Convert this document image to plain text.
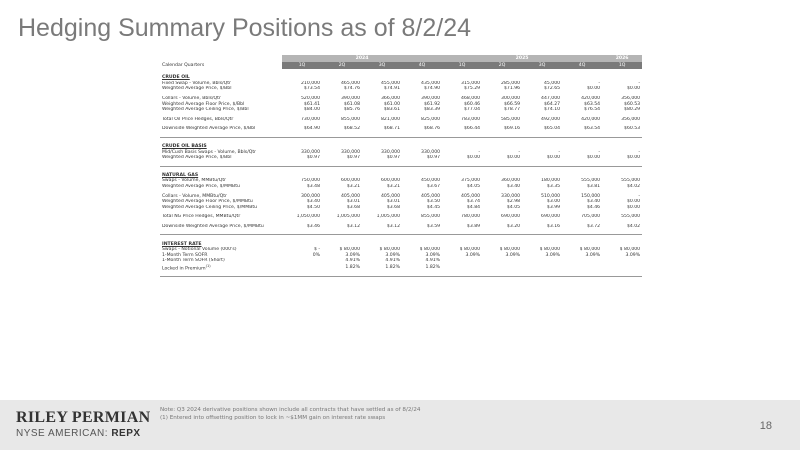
Hedging Summary Positions as of 8/2/24
	2024				2025				2026
Calendar Quarters	1Q	2Q	3Q	4Q	1Q	2Q	3Q	4Q	1Q

CRUDE OIL									
Fixed Swap - Volume, Bbls/Qtr	210,000	465,000	455,000	435,000	315,000	285,000	45,000	-	-
Weighted Average Price, $/Bbl	$73.54	$74.76	$74.91	$74.90	$75.29	$71.96	$72.65	$0.00	$0.00

Collars - Volume, Bbls/Qtr	520,000	390,000	366,000	390,000	468,000	300,000	447,000	420,000	356,000
Weighted Average Floor Price, $/Bbl	$61.41	$61.08	$61.00	$61.92	$60.46	$66.59	$64.27	$63.54	$60.53
Weighted Average Ceiling Price, $/Bbl	$84.00	$85.76	$83.61	$83.39	$77.04	$78.77	$74.10	$76.54	$80.29

Total Oil Price Hedges, Bbls/Qtr	730,000	855,000	821,000	825,000	783,000	585,000	492,000	420,000	356,000

Downside Weighted Average Price, $/Bbl	$64.90	$68.52	$68.71	$68.76	$66.44	$69.16	$65.04	$63.54	$60.53

CRUDE OIL BASIS									
Mid/Cush Basis Swaps - Volume, Bbls/Qtr	330,000	330,000	330,000	330,000	-	-	-	-	-
Weighted Average Price, $/Bbl	$0.97	$0.97	$0.97	$0.97	$0.00	$0.00	$0.00	$0.00	$0.00

NATURAL GAS									
Swaps - Volume, MMBtu/Qtr	750,000	600,000	600,000	450,000	375,000	360,000	180,000	555,000	555,000
Weighted Average Price, $/MMBtu	$3.48	$3.21	$3.21	$3.67	$4.05	$3.40	$3.35	$3.81	$4.02

Collars - Volume, MMBtu/Qtr	300,000	405,000	405,000	405,000	405,000	330,000	510,000	150,000	-
Weighted Average Floor Price, $/MMBtu	$3.40	$3.01	$3.01	$3.50	$3.74	$2.98	$3.00	$3.40	$0.00
Weighted Average Ceiling Price, $/MMBtu	$4.50	$3.68	$3.68	$4.45	$4.84	$4.05	$3.99	$4.46	$0.00

Total NG Price Hedges, MMBtu/Qtr	1,050,000	1,005,000	1,005,000	855,000	780,000	690,000	690,000	705,000	555,000

Downside Weighted Average Price, $/MMBtu	$3.46	$3.12	$3.12	$3.59	$3.89	$3.20	$3.16	$3.72	$4.02

INTEREST RATE									
Swaps - Notional Volume (000's)	$ -	$ 80,000	$ 80,000	$ 80,000	$ 80,000	$ 80,000	$ 80,000	$ 80,000	$ 80,000
1-Month Term SOFR	0%	3.09%	3.09%	3.09%	3.09%	3.09%	3.09%	3.09%	3.09%
1-Month Term SOFR (Short)		4.91%	4.91%	4.91%					
Locked in Premium$^{(1)}$		1.82%	1.82%	1.82%					

RILEY PERMIAN
NYSE AMERICAN: REPX
Note: Q3 2024 derivative positions shown include all contracts that have settled as of 8/2/24
(1) Entered into offsetting position to lock in ~$1MM gain on interest rate swaps
18
